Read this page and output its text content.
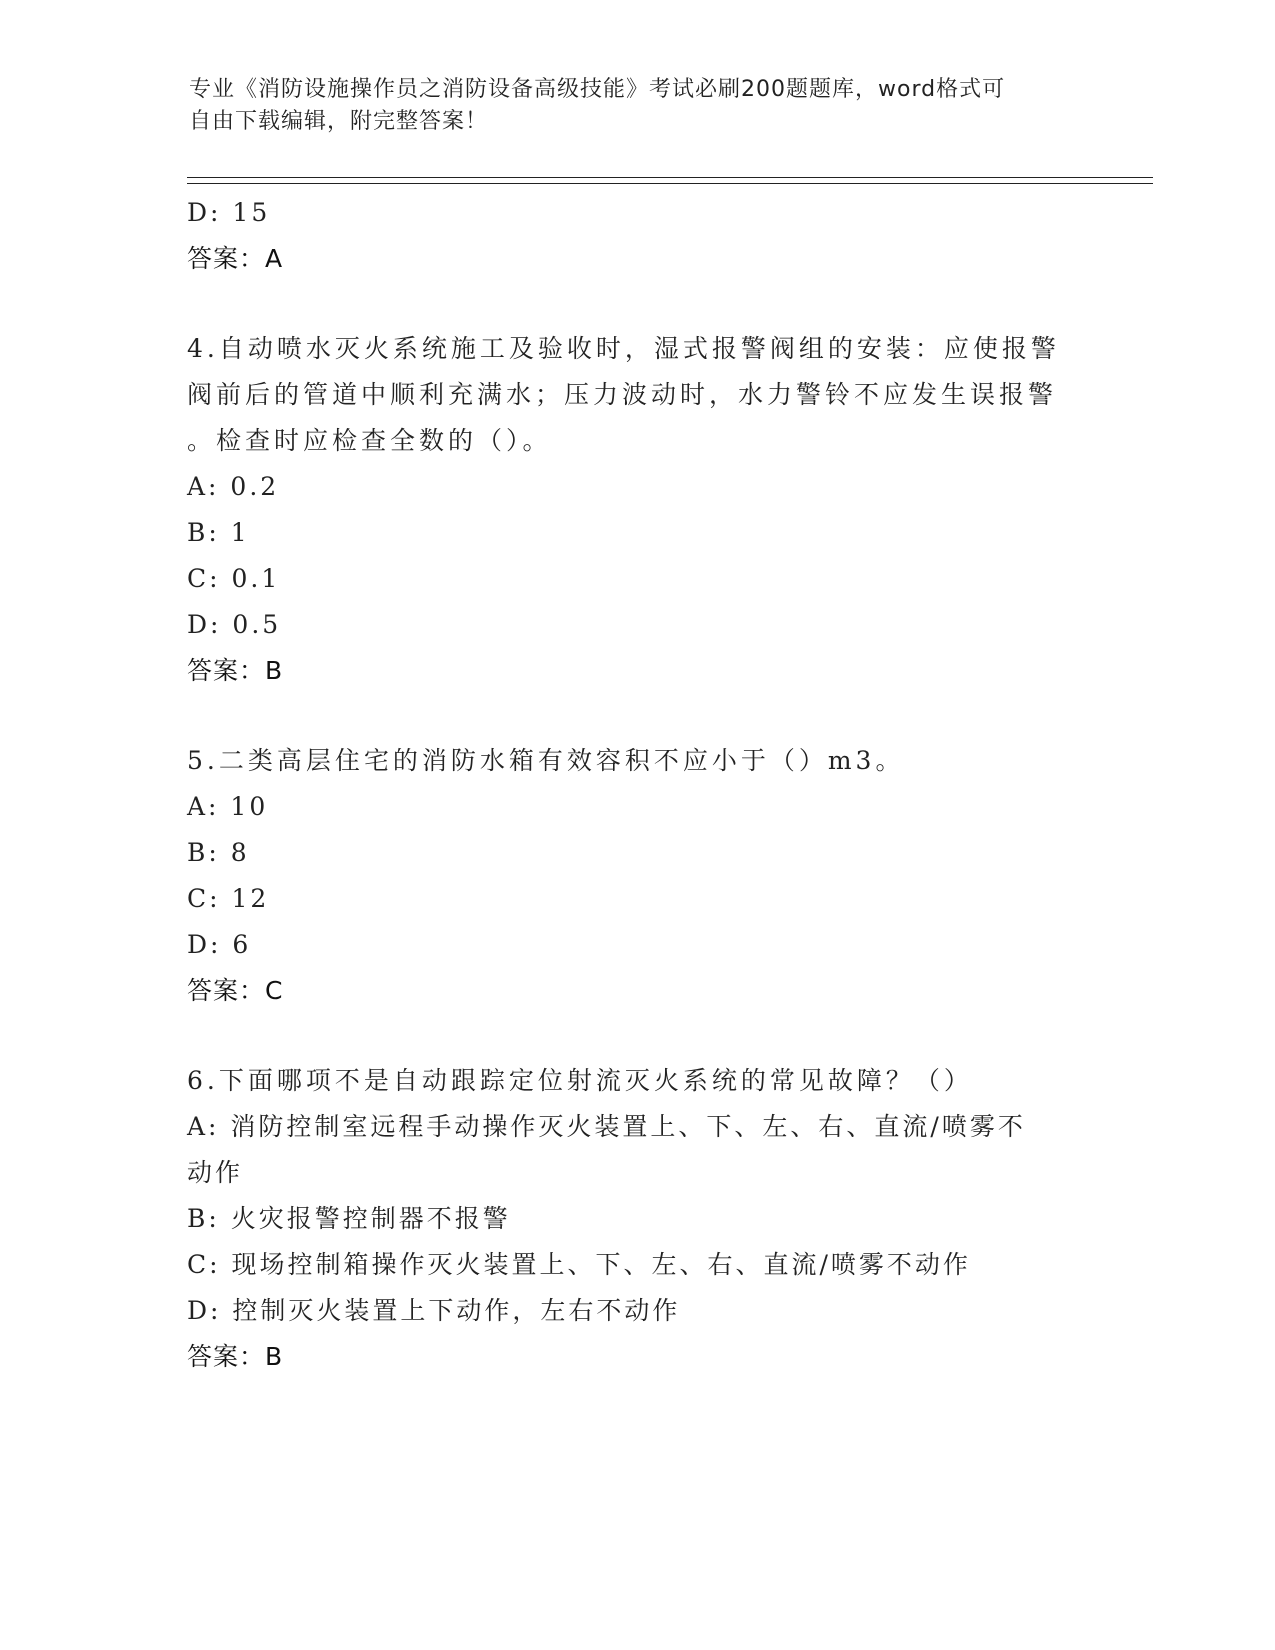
专业《消防设施操作员之消防设备高级技能》考试必刷200题题库，word格式可
自由下载编辑，附完整答案！
D: 15
答案：A
4.自动喷水灭火系统施工及验收时，湿式报警阀组的安装：应使报警
阀前后的管道中顺利充满水；压力波动时，水力警铃不应发生误报警
。检查时应检查全数的（）。
A: 0.2
B: 1
C: 0.1
D: 0.5
答案：B
5.二类高层住宅的消防水箱有效容积不应小于（）m3。
A: 10
B: 8
C: 12
D: 6
答案：C
6.下面哪项不是自动跟踪定位射流灭火系统的常见故障？（）
A: 消防控制室远程手动操作灭火装置上、下、左、右、直流/喷雾不
动作
B: 火灾报警控制器不报警
C: 现场控制箱操作灭火装置上、下、左、右、直流/喷雾不动作
D: 控制灭火装置上下动作，左右不动作
答案：B
